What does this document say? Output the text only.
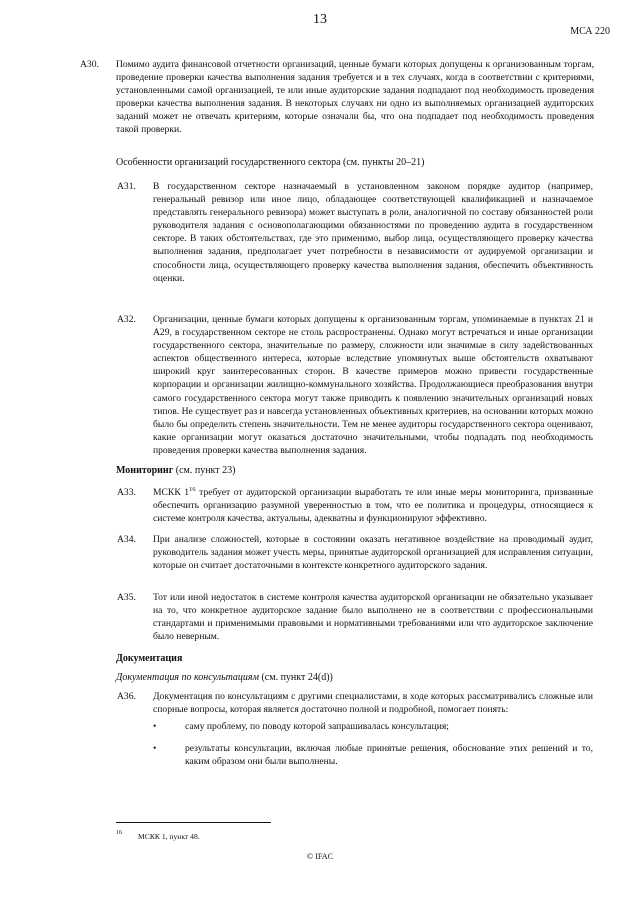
13
МСА 220
A30. Помимо аудита финансовой отчетности организаций, ценные бумаги которых допущены к организованным торгам, проведение проверки качества выполнения задания требуется и в тех случаях, когда в соответствии с критериями, установленными самой организацией, те или иные аудиторские задания подпадают под необходимость проведения проверки качества выполнения задания. В некоторых случаях ни одно из выполняемых организацией аудиторских заданий может не отвечать критериям, которые означали бы, что она подпадает под необходимость проведения такой проверки.
Особенности организаций государственного сектора (см. пункты 20–21)
A31. В государственном секторе назначаемый в установленном законом порядке аудитор (например, генеральный ревизор или иное лицо, обладающее соответствующей квалификацией и назначаемое представлять генерального ревизора) может выступать в роли, аналогичной по составу обязанностей роли руководителя задания с основополагающими обязанностями по проведению аудита в государственном секторе. В таких обстоятельствах, где это применимо, выбор лица, осуществляющего проверку качества выполнения задания, предполагает учет потребности в независимости от аудируемой организации и способности лица, осуществляющего проверку качества выполнения задания, обеспечить объективность оценки.
A32. Организации, ценные бумаги которых допущены к организованным торгам, упоминаемые в пунктах 21 и A29, в государственном секторе не столь распространены. Однако могут встречаться и иные организации государственного сектора, значительные по размеру, сложности или значимые в силу задействованных аспектов общественного интереса, которые вследствие упомянутых выше обстоятельств охватывают широкий круг заинтересованных сторон. В качестве примеров можно привести государственные корпорации и организации жилищно-коммунального хозяйства. Продолжающиеся преобразования внутри самого государственного сектора могут также приводить к появлению значительных организаций новых типов. Не существует раз и навсегда установленных объективных критериев, на основании которых можно было бы определить степень значительности. Тем не менее аудиторы государственного сектора оценивают, какие организации могут оказаться достаточно значительными, чтобы подпадать под необходимость проведения проверки качества выполнения задания.
Мониторинг (см. пункт 23)
A33. МСКК $1^{16}$ требует от аудиторской организации выработать те или иные меры мониторинга, призванные обеспечить организацию разумной уверенностью в том, что ее политика и процедуры, относящиеся к системе контроля качества, актуальны, адекватны и функционируют эффективно.
A34. При анализе сложностей, которые в состоянии оказать негативное воздействие на проводимый аудит, руководитель задания может учесть меры, принятые аудиторской организацией для исправления ситуации, которые он считает достаточными в контексте конкретного аудиторского задания.
A35. Тот или иной недостаток в системе контроля качества аудиторской организации не обязательно указывает на то, что конкретное аудиторское задание было выполнено не в соответствии с профессиональными стандартами и применимыми правовыми и нормативными требованиями или что аудиторское заключение было неверным.
Документация
Документация по консультациям (см. пункт 24(d))
A36. Документация по консультациям с другими специалистами, в ходе которых рассматривались сложные или спорные вопросы, которая является достаточно полной и подробной, помогает понять:
•	саму проблему, по поводу которой запрашивалась консультация;
•	результаты консультации, включая любые принятые решения, обоснование этих решений и то, каким образом они были выполнены.
16 МСКК 1, пункт 48.
© IFAC
